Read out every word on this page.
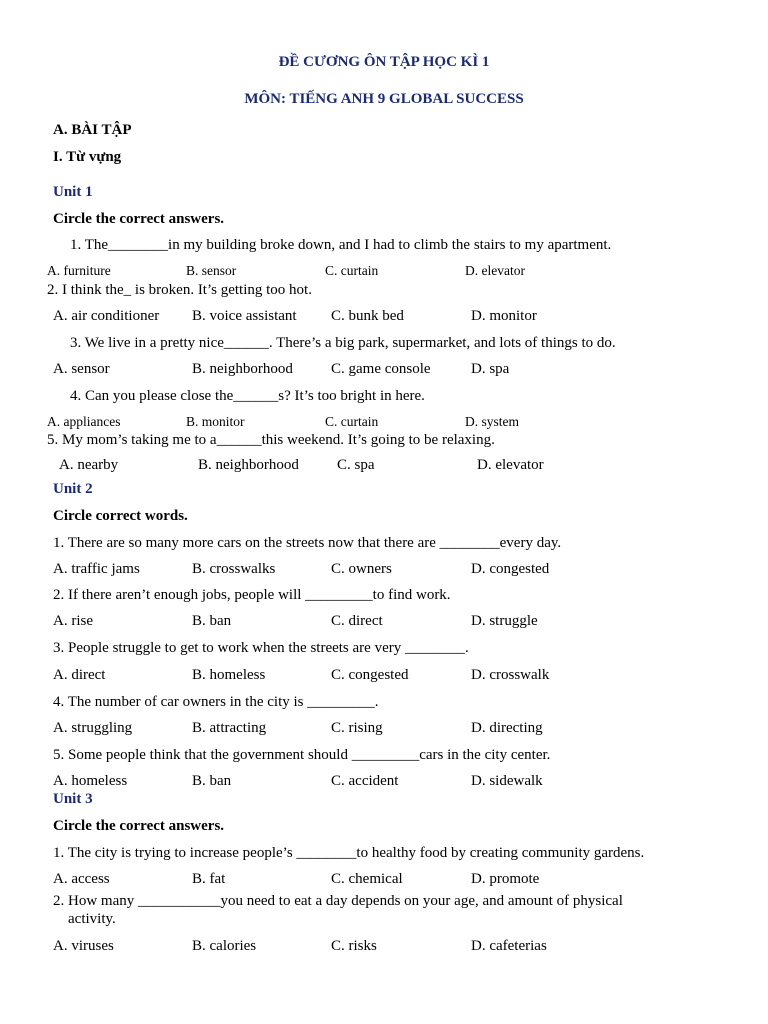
ĐỀ CƯƠNG ÔN TẬP HỌC KÌ 1
MÔN: TIẾNG ANH 9 GLOBAL SUCCESS
A. BÀI TẬP
I. Từ vựng
Unit 1
Circle the correct answers.
1. The________in my building broke down, and I had to climb the stairs to my apartment.
A. furniture	B. sensor	C. curtain	D. elevator
2. I think the_ is broken. It’s getting too hot.
A. air conditioner B. voice assistant C. bunk bed	D. monitor
3. We live in a pretty nice______. There’s a big park, supermarket, and lots of things to do.
A. sensor	B. neighborhood	C. game console	D. spa
4. Can you please close the______s? It’s too bright in here.
A. appliances	B. monitor	C. curtain	D. system
5. My mom’s taking me to a______this weekend. It’s going to be relaxing.
A. nearby	B. neighborhood	C. spa	D. elevator
Unit 2
Circle correct words.
1. There are so many more cars on the streets now that there are ________every day.
A. traffic jams	B. crosswalks	C. owners	D. congested
2. If there aren’t enough jobs, people will _________to find work.
A. rise	B. ban	C. direct	D. struggle
3. People struggle to get to work when the streets are very ________.
A. direct	B. homeless	C. congested	D. crosswalk
4. The number of car owners in the city is _________.
A. struggling	B. attracting	C. rising	D. directing
5. Some people think that the government should _________cars in the city center.
A. homeless	B. ban	C. accident	D. sidewalk
Unit 3
Circle the correct answers.
1. The city is trying to increase people’s ________to healthy food by creating community gardens.
A. access	B. fat	C. chemical	D. promote
2. How many ___________you need to eat a day depends on your age, and amount of physical
activity.
A. viruses	B. calories	C. risks	D. cafeterias
